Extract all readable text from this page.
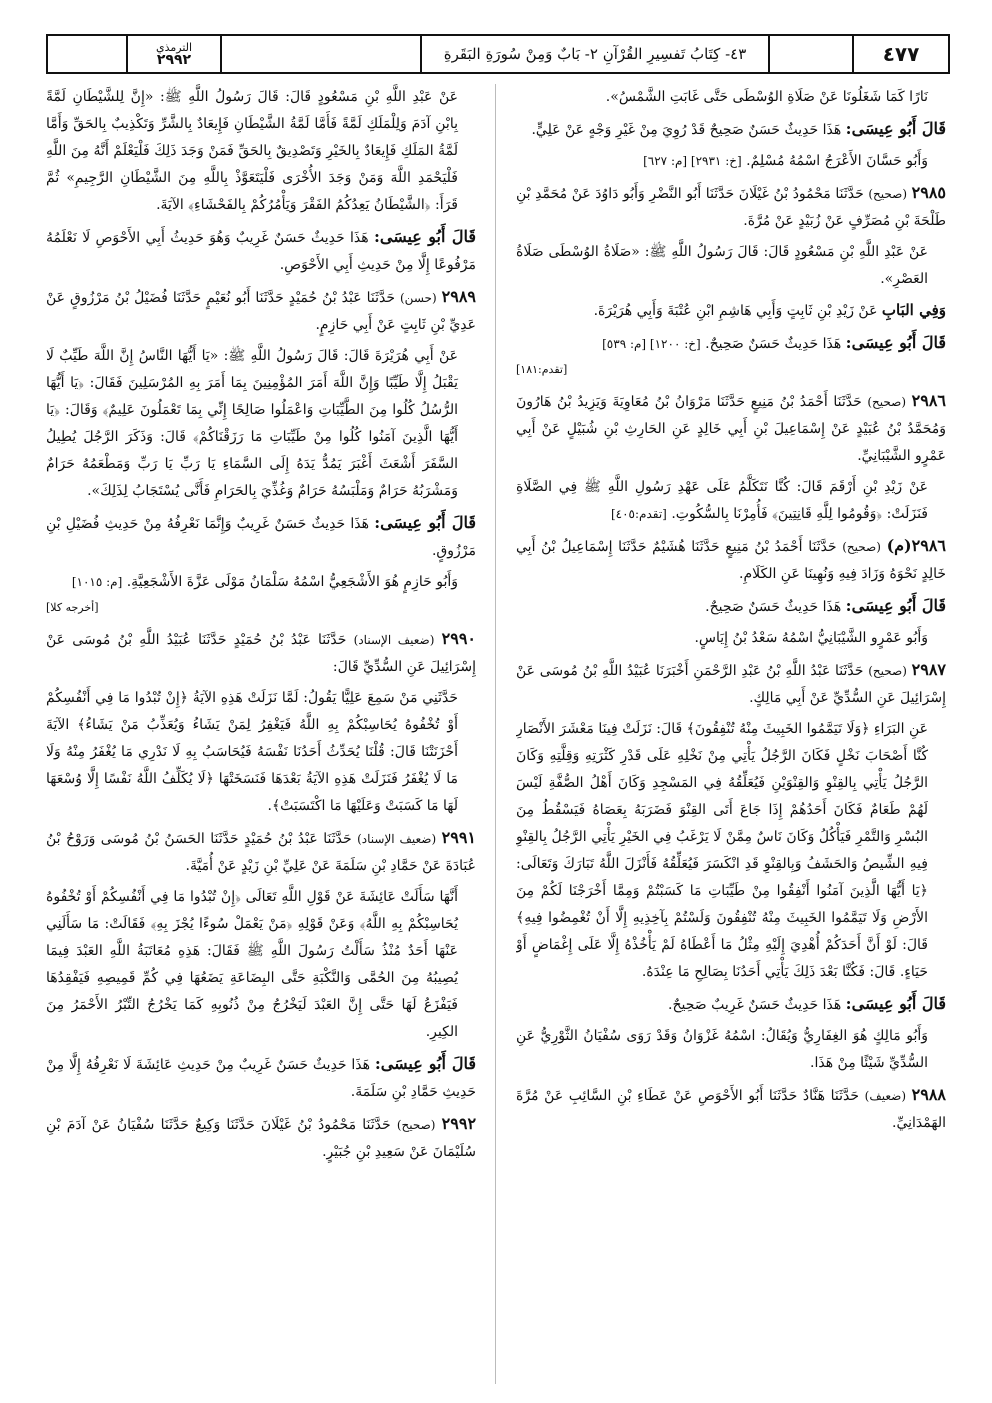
٤٧٧
٤٣- كِتَابُ تَفسِيرِ القُرْآنِ ٢- بَابٌ وَمِنْ سُورَةِ البَقَرةِ
الترمذي
٢٩٩٢

نَارًا كَمَا شَغَلُونَا عَنْ صَلَاةِ الوُسْطَى حَتَّى غَابَتِ الشَّمْسُ».

قَالَ أَبُو عِيسَى: هَذَا حَدِيثٌ حَسَنٌ صَحِيحٌ قَدْ رُوِيَ مِنْ غَيْرِ وَجْهٍ عَنْ عَلِيٍّ.

وَأَبُو حَسَّانَ الأَعْرَجُ اسْمُهُ مُسْلِمٌ. [خ: ٢٩٣١] [م: ٦٢٧]

٢٩٨٥ (صحيح) حَدَّثَنَا مَحْمُودُ بْنُ غَيْلَانَ حَدَّثَنَا أَبُو النَّضْرِ وَأَبُو دَاوُدَ عَنْ مُحَمَّدِ بْنِ طَلْحَةَ بْنِ مُصَرِّفٍ عَنْ زُبَيْدٍ عَنْ مُرَّةَ.

عَنْ عَبْدِ اللَّهِ بْنِ مَسْعُودٍ قَالَ: قَالَ رَسُولُ اللَّهِ ﷺ: «صَلَاةُ الوُسْطَى صَلَاةُ العَصْرِ».

وَفِي البَابِ عَنْ زَيْدِ بْنِ ثَابِتٍ وَأَبِي هَاشِمِ ابْنِ عُتْبَةَ وَأَبِي هُرَيْرَةَ.

قَالَ أَبُو عِيسَى: هَذَا حَدِيثٌ حَسَنٌ صَحِيحٌ. [خ: ١٢٠٠] [م: ٥٣٩]
[تقدم:١٨١]

٢٩٨٦ (صحيح) حَدَّثَنَا أَحْمَدُ بْنُ مَنِيعٍ حَدَّثَنَا مَرْوَانُ بْنُ مُعَاوِيَةَ وَيَزِيدُ بْنُ هَارُونَ وَمُحَمَّدُ بْنُ عُبَيْدٍ عَنْ إِسْمَاعِيلَ بْنِ أَبِي خَالِدٍ عَنِ الحَارِثِ بْنِ شُبَيْلٍ عَنْ أَبِي عَمْرٍو الشَّيْبَانِيِّ.

عَنْ زَيْدِ بْنِ أَرْقَمَ قَالَ: كُنَّا نَتَكَلَّمُ عَلَى عَهْدِ رَسُولِ اللَّهِ ﷺ فِي الصَّلَاةِ فَنَزَلَتْ: ﴿وَقُومُوا لِلَّهِ قَانِتِينَ﴾ فَأُمِرْنَا بِالسُّكُوتِ. [تقدم:٤٠٥]

٢٩٨٦(م) (صحيح) حَدَّثَنَا أَحْمَدُ بْنُ مَنِيعٍ حَدَّثَنَا هُشَيْمٌ حَدَّثَنَا إِسْمَاعِيلُ بْنُ أَبِي خَالِدٍ نَحْوَهُ وَزَادَ فِيهِ وَنُهِينَا عَنِ الكَلَامِ.

قَالَ أَبُو عِيسَى: هَذَا حَدِيثٌ حَسَنٌ صَحِيحٌ.

وَأَبُو عَمْرٍو الشَّيْبَانِيُّ اسْمُهُ سَعْدُ بْنُ إِيَاسٍ.

٢٩٨٧ (صحيح) حَدَّثَنَا عَبْدُ اللَّهِ بْنُ عَبْدِ الرَّحْمَنِ أَخْبَرَنَا عُبَيْدُ اللَّهِ بْنُ مُوسَى عَنْ إِسْرَائِيلَ عَنِ السُّدِّيِّ عَنْ أَبِي مَالِكٍ.

عَنِ البَرَاءِ ﴿وَلَا تَيَمَّمُوا الخَبِيثَ مِنْهُ تُنْفِقُونَ﴾ قَالَ: نَزَلَتْ فِينَا مَعْشَرَ الأَنْصَارِ كُنَّا أَصْحَابَ نَخْلٍ فَكَانَ الرَّجُلُ يَأْتِي مِنْ نَخْلِهِ عَلَى قَدْرِ كَثْرَتِهِ وَقِلَّتِهِ وَكَانَ الرَّجُلُ يَأْتِي بِالقِنْوِ وَالقِنْوَيْنِ فَيُعَلِّقُهُ فِي المَسْجِدِ وَكَانَ أَهْلُ الصُّفَّةِ لَيْسَ لَهُمْ طَعَامٌ فَكَانَ أَحَدُهُمْ إِذَا جَاعَ أَتَى القِنْوَ فَضَرَبَهُ بِعَصَاهُ فَيَسْقُطُ مِنَ البُسْرِ وَالتَّمْرِ فَيَأْكُلُ وَكَانَ نَاسٌ مِمَّنْ لَا يَرْغَبُ فِي الخَيْرِ يَأْتِي الرَّجُلُ بِالقِنْوِ فِيهِ الشِّيصُ وَالحَشَفُ وَبِالقِنْوِ قَدِ انْكَسَرَ فَيُعَلِّقُهُ فَأَنْزَلَ اللَّهُ تَبَارَكَ وَتَعَالَى: ﴿يَا أَيُّهَا الَّذِينَ آمَنُوا أَنْفِقُوا مِنْ طَيِّبَاتِ مَا كَسَبْتُمْ وَمِمَّا أَخْرَجْنَا لَكُمْ مِنَ الأَرْضِ وَلَا تَيَمَّمُوا الخَبِيثَ مِنْهُ تُنْفِقُونَ وَلَسْتُمْ بِآخِذِيهِ إِلَّا أَنْ تُغْمِضُوا فِيهِ﴾ قَالَ: لَوْ أَنَّ أَحَدَكُمْ أُهْدِيَ إِلَيْهِ مِثْلُ مَا أَعْطَاهُ لَمْ يَأْخُذْهُ إِلَّا عَلَى إِغْمَاضٍ أَوْ حَيَاءٍ. قَالَ: فَكُنَّا بَعْدَ ذَلِكَ يَأْتِي أَحَدُنَا بِصَالِحِ مَا عِنْدَهُ.

قَالَ أَبُو عِيسَى: هَذَا حَدِيثٌ حَسَنٌ غَرِيبٌ صَحِيحٌ.

وَأَبُو مَالِكٍ هُوَ الغِفَارِيُّ وَيُقَالُ: اسْمُهُ غَزْوَانُ وَقَدْ رَوَى سُفْيَانُ الثَّوْرِيُّ عَنِ السُّدِّيِّ شَيْئًا مِنْ هَذَا.

٢٩٨٨ (ضعيف) حَدَّثَنَا هَنَّادٌ حَدَّثَنَا أَبُو الأَحْوَصِ عَنْ عَطَاءِ بْنِ السَّائِبِ عَنْ مُرَّةَ الهَمْدَانِيِّ.

عَنْ عَبْدِ اللَّهِ بْنِ مَسْعُودٍ قَالَ: قَالَ رَسُولُ اللَّهِ ﷺ: «إِنَّ لِلشَّيْطَانِ لَمَّةً بِابْنِ آدَمَ وَلِلْمَلَكِ لَمَّةً فَأَمَّا لَمَّةُ الشَّيْطَانِ فَإِيعَادٌ بِالشَّرِّ وَتَكْذِيبٌ بِالحَقِّ وَأَمَّا لَمَّةُ المَلَكِ فَإِيعَادٌ بِالخَيْرِ وَتَصْدِيقٌ بِالحَقِّ فَمَنْ وَجَدَ ذَلِكَ فَلْيَعْلَمْ أَنَّهُ مِنَ اللَّهِ فَلْيَحْمَدِ اللَّهَ وَمَنْ وَجَدَ الأُخْرَى فَلْيَتَعَوَّذْ بِاللَّهِ مِنَ الشَّيْطَانِ الرَّجِيمِ» ثُمَّ قَرَأَ: ﴿الشَّيْطَانُ يَعِدُكُمُ الفَقْرَ وَيَأْمُرُكُمْ بِالفَحْشَاءِ﴾ الآيَةَ.

قَالَ أَبُو عِيسَى: هَذَا حَدِيثٌ حَسَنٌ غَرِيبٌ وَهُوَ حَدِيثُ أَبِي الأَحْوَصِ لَا نَعْلَمُهُ مَرْفُوعًا إِلَّا مِنْ حَدِيثِ أَبِي الأَحْوَصِ.

٢٩٨٩ (حسن) حَدَّثَنَا عَبْدُ بْنُ حُمَيْدٍ حَدَّثَنَا أَبُو نُعَيْمٍ حَدَّثَنَا فُضَيْلُ بْنُ مَرْزُوقٍ عَنْ عَدِيِّ بْنِ ثَابِتٍ عَنْ أَبِي حَازِمٍ.

عَنْ أَبِي هُرَيْرَةَ قَالَ: قَالَ رَسُولُ اللَّهِ ﷺ: «يَا أَيُّهَا النَّاسُ إِنَّ اللَّهَ طَيِّبٌ لَا يَقْبَلُ إِلَّا طَيِّبًا وَإِنَّ اللَّهَ أَمَرَ المُؤْمِنِينَ بِمَا أَمَرَ بِهِ المُرْسَلِينَ فَقَالَ: ﴿يَا أَيُّهَا الرُّسُلُ كُلُوا مِنَ الطَّيِّبَاتِ وَاعْمَلُوا صَالِحًا إِنِّي بِمَا تَعْمَلُونَ عَلِيمٌ﴾ وَقَالَ: ﴿يَا أَيُّهَا الَّذِينَ آمَنُوا كُلُوا مِنْ طَيِّبَاتِ مَا رَزَقْنَاكُمْ﴾ قَالَ: وَذَكَرَ الرَّجُلَ يُطِيلُ السَّفَرَ أَشْعَثَ أَغْبَرَ يَمُدُّ يَدَهُ إِلَى السَّمَاءِ يَا رَبِّ يَا رَبِّ وَمَطْعَمُهُ حَرَامٌ وَمَشْرَبُهُ حَرَامٌ وَمَلْبَسُهُ حَرَامٌ وَغُذِّيَ بِالحَرَامِ فَأَنَّى يُسْتَجَابُ لِذَلِكَ».

قَالَ أَبُو عِيسَى: هَذَا حَدِيثٌ حَسَنٌ غَرِيبٌ وَإِنَّمَا نَعْرِفُهُ مِنْ حَدِيثِ فُضَيْلِ بْنِ مَرْزُوقٍ.

وَأَبُو حَازِمٍ هُوَ الأَشْجَعِيُّ اسْمُهُ سَلْمَانُ مَوْلَى عَزَّةَ الأَشْجَعِيَّةِ. [م: ١٠١٥]
[أخرجه كلا]

٢٩٩٠ (ضعيف الإسناد) حَدَّثَنَا عَبْدُ بْنُ حُمَيْدٍ حَدَّثَنَا عُبَيْدُ اللَّهِ بْنُ مُوسَى عَنْ إِسْرَائِيلَ عَنِ السُّدِّيِّ قَالَ:

حَدَّثَنِي مَنْ سَمِعَ عَلِيًّا يَقُولُ: لَمَّا نَزَلَتْ هَذِهِ الآيَةُ ﴿إِنْ تُبْدُوا مَا فِي أَنْفُسِكُمْ أَوْ تُخْفُوهُ يُحَاسِبْكُمْ بِهِ اللَّهُ فَيَغْفِرُ لِمَنْ يَشَاءُ وَيُعَذِّبُ مَنْ يَشَاءُ﴾ الآيَةَ أَحْزَنَتْنَا قَالَ: قُلْنَا يُحَدِّثُ أَحَدُنَا نَفْسَهُ فَيُحَاسَبُ بِهِ لَا نَدْرِي مَا يُغْفَرُ مِنْهُ وَلَا مَا لَا يُغْفَرُ فَنَزَلَتْ هَذِهِ الآيَةُ بَعْدَهَا فَنَسَخَتْهَا ﴿لَا يُكَلِّفُ اللَّهُ نَفْسًا إِلَّا وُسْعَهَا لَهَا مَا كَسَبَتْ وَعَلَيْهَا مَا اكْتَسَبَتْ﴾.

٢٩٩١ (ضعيف الإسناد) حَدَّثَنَا عَبْدُ بْنُ حُمَيْدٍ حَدَّثَنَا الحَسَنُ بْنُ مُوسَى وَرَوْحُ بْنُ عُبَادَةَ عَنْ حَمَّادِ بْنِ سَلَمَةَ عَنْ عَلِيِّ بْنِ زَيْدٍ عَنْ أُمَيَّةَ.

أَنَّهَا سَأَلَتْ عَائِشَةَ عَنْ قَوْلِ اللَّهِ تَعَالَى ﴿إِنْ تُبْدُوا مَا فِي أَنْفُسِكُمْ أَوْ تُخْفُوهُ يُحَاسِبْكُمْ بِهِ اللَّهُ﴾ وَعَنْ قَوْلِهِ ﴿مَنْ يَعْمَلْ سُوءًا يُجْزَ بِهِ﴾ فَقَالَتْ: مَا سَأَلَنِي عَنْهَا أَحَدٌ مُنْذُ سَأَلْتُ رَسُولَ اللَّهِ ﷺ فَقَالَ: هَذِهِ مُعَاتَبَةُ اللَّهِ العَبْدَ فِيمَا يُصِيبُهُ مِنَ الحُمَّى وَالنَّكْبَةِ حَتَّى البِضَاعَةِ يَضَعُهَا فِي كُمِّ قَمِيصِهِ فَيَفْقِدُهَا فَيَفْزَعُ لَهَا حَتَّى إِنَّ العَبْدَ لَيَخْرُجُ مِنْ ذُنُوبِهِ كَمَا يَخْرُجُ التِّبْرُ الأَحْمَرُ مِنَ الكِيرِ.

قَالَ أَبُو عِيسَى: هَذَا حَدِيثٌ حَسَنٌ غَرِيبٌ مِنْ حَدِيثِ عَائِشَةَ لَا نَعْرِفُهُ إِلَّا مِنْ حَدِيثِ حَمَّادِ بْنِ سَلَمَةَ.

٢٩٩٢ (صحيح) حَدَّثَنَا مَحْمُودُ بْنُ غَيْلَانَ حَدَّثَنَا وَكِيعٌ حَدَّثَنَا سُفْيَانُ عَنْ آدَمَ بْنِ سُلَيْمَانَ عَنْ سَعِيدِ بْنِ جُبَيْرٍ.
